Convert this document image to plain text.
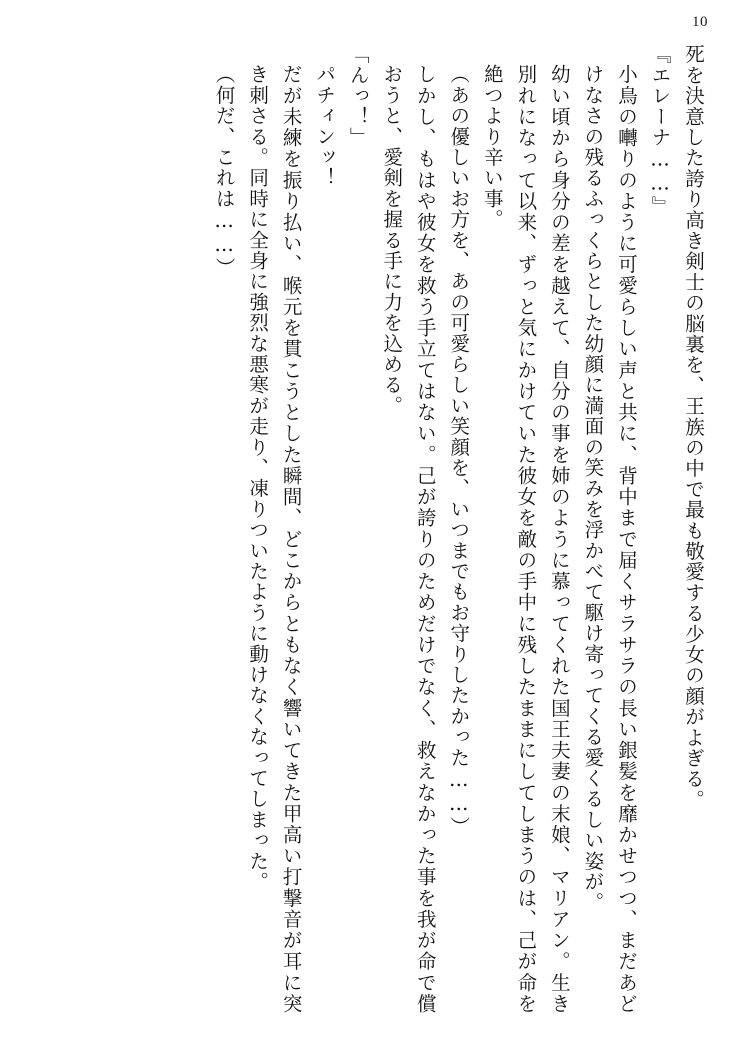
10

死を決意した誇り高き剣士の脳裏を、王族の中で最も敬愛する少女の顔がよぎる。

『エレーナ……』

小鳥の囀りのように可愛らしい声と共に、背中まで届くサラサラの長い銀髪を靡かせつつ、まだあどけなさの残るふっくらとした幼顔に満面の笑みを浮かべて駆け寄ってくる愛くるしい姿が。

幼い頃から身分の差を越えて、自分の事を姉のように慕ってくれた国王夫妻の末娘、マリアン。生き別れになって以来、ずっと気にかけていた彼女を敵の手中に残したままにしてしまうのは、己が命を絶つより辛い事。

（あの優しいお方を、あの可愛らしい笑顔を、いつまでもお守りしたかった……）

しかし、もはや彼女を救う手立てはない。己が誇りのためだけでなく、救えなかった事を我が命で償おうと、愛剣を握る手に力を込める。

「んっ！」

パチィンッ！

だが未練を振り払い、喉元を貫こうとした瞬間、どこからともなく響いてきた甲高い打撃音が耳に突き刺さる。同時に全身に強烈な悪寒が走り、凍りついたように動けなくなってしまった。

（何だ、これは……）
